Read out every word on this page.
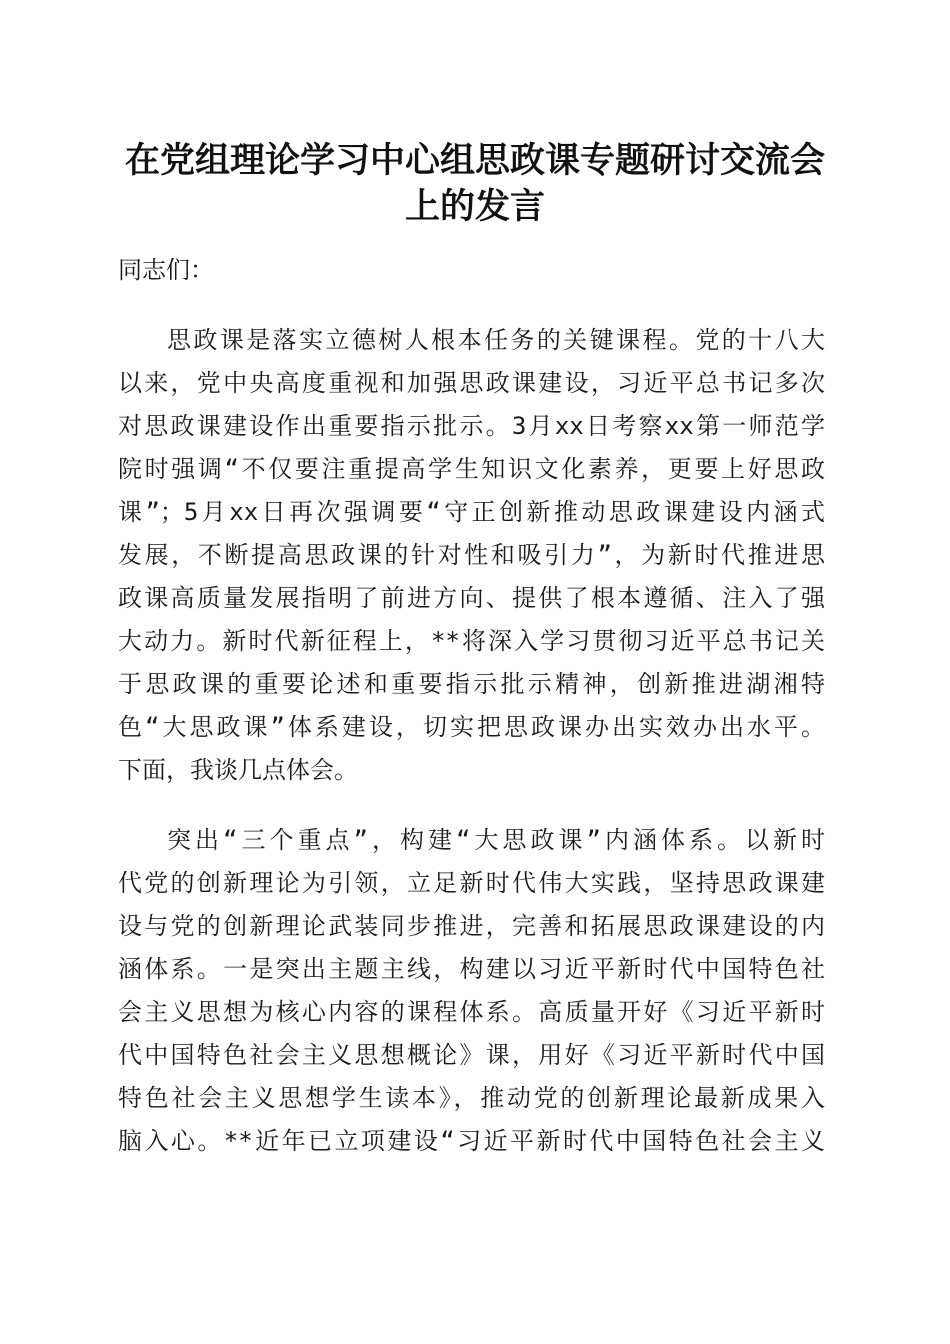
在党组理论学习中心组思政课专题研讨交流会
上的发言

同志们：

思政课是落实立德树人根本任务的关键课程。党的十八大

以来，党中央高度重视和加强思政课建设，习近平总书记多次

对思政课建设作出重要指示批示。3月xx日考察xx第一师范学

院时强调“不仅要注重提高学生知识文化素养，更要上好思政

课”；5月xx日再次强调要“守正创新推动思政课建设内涵式

发展，不断提高思政课的针对性和吸引力”，为新时代推进思

政课高质量发展指明了前进方向、提供了根本遵循、注入了强

大动力。新时代新征程上，**将深入学习贯彻习近平总书记关

于思政课的重要论述和重要指示批示精神，创新推进湖湘特

色“大思政课”体系建设，切实把思政课办出实效办出水平。

下面，我谈几点体会。

突出“三个重点”，构建“大思政课”内涵体系。以新时

代党的创新理论为引领，立足新时代伟大实践，坚持思政课建

设与党的创新理论武装同步推进，完善和拓展思政课建设的内

涵体系。一是突出主题主线，构建以习近平新时代中国特色社

会主义思想为核心内容的课程体系。高质量开好《习近平新时

代中国特色社会主义思想概论》课，用好《习近平新时代中国

特色社会主义思想学生读本》，推动党的创新理论最新成果入

脑入心。**近年已立项建设“习近平新时代中国特色社会主义
